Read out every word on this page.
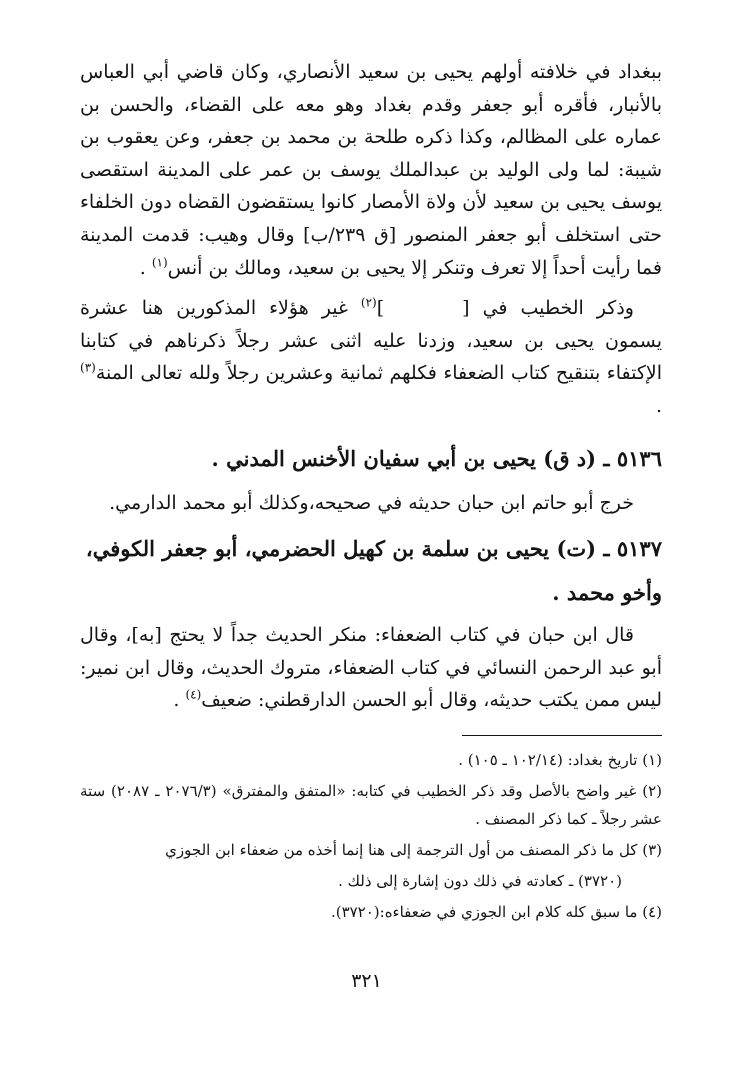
ببغداد في خلافته أولهم يحيى بن سعيد الأنصاري، وكان قاضي أبي العباس بالأنبار، فأقره أبو جعفر وقدم بغداد وهو معه على القضاء، والحسن بن عماره على المظالم، وكذا ذكره طلحة بن محمد بن جعفر، وعن يعقوب بن شيبة: لما ولى الوليد بن عبدالملك يوسف بن عمر على المدينة استقصى يوسف يحيى بن سعيد لأن ولاة الأمصار كانوا يستقضون القضاه دون الخلفاء حتى استخلف أبو جعفر المنصور [ق ٢٣٩/ب] وقال وهيب: قدمت المدينة فما رأيت أحداً إلا تعرف وتنكر إلا يحيى بن سعيد، ومالك بن أنس$^{(١)}$ .

وذكر الخطيب في []$^{(٢)}$ غير هؤلاء المذكورين هنا عشرة يسمون يحيى بن سعيد، وزدنا عليه اثنى عشر رجلاً ذكرناهم في كتابنا الإكتفاء بتنقيح كتاب الضعفاء فكلهم ثمانية وعشرين رجلاً ولله تعالى المنة$^{(٣)}$ .

٥١٣٦ ـ (د ق) يحيى بن أبي سفيان الأخنس المدني .

خرج أبو حاتم ابن حبان حديثه في صحيحه،وكذلك أبو محمد الدارمي.

٥١٣٧ ـ (ت) يحيى بن سلمة بن كهيل الحضرمي، أبو جعفر الكوفي، وأخو محمد .

قال ابن حبان في كتاب الضعفاء: منكر الحديث جداً لا يحتج [به]، وقال أبو عبد الرحمن النسائي في كتاب الضعفاء، متروك الحديث، وقال ابن نمير: ليس ممن يكتب حديثه، وقال أبو الحسن الدارقطني: ضعيف$^{(٤)}$ .

(١) تاريخ بغداد: (١٠٢/١٤ ـ ١٠٥) .

(٢) غير واضح بالأصل وقد ذكر الخطيب في كتابه: «المتفق والمفترق» (٢٠٧٦/٣ ـ ٢٠٨٧) ستة عشر رجلاً ـ كما ذكر المصنف .

(٣) كل ما ذكر المصنف من أول الترجمة إلى هنا إنما أخذه من ضعفاء ابن الجوزي

(٣٧٢٠) ـ كعادته في ذلك دون إشارة إلى ذلك .

(٤) ما سبق كله كلام ابن الجوزي في ضعفاءه:(٣٧٢٠).

٣٢١
